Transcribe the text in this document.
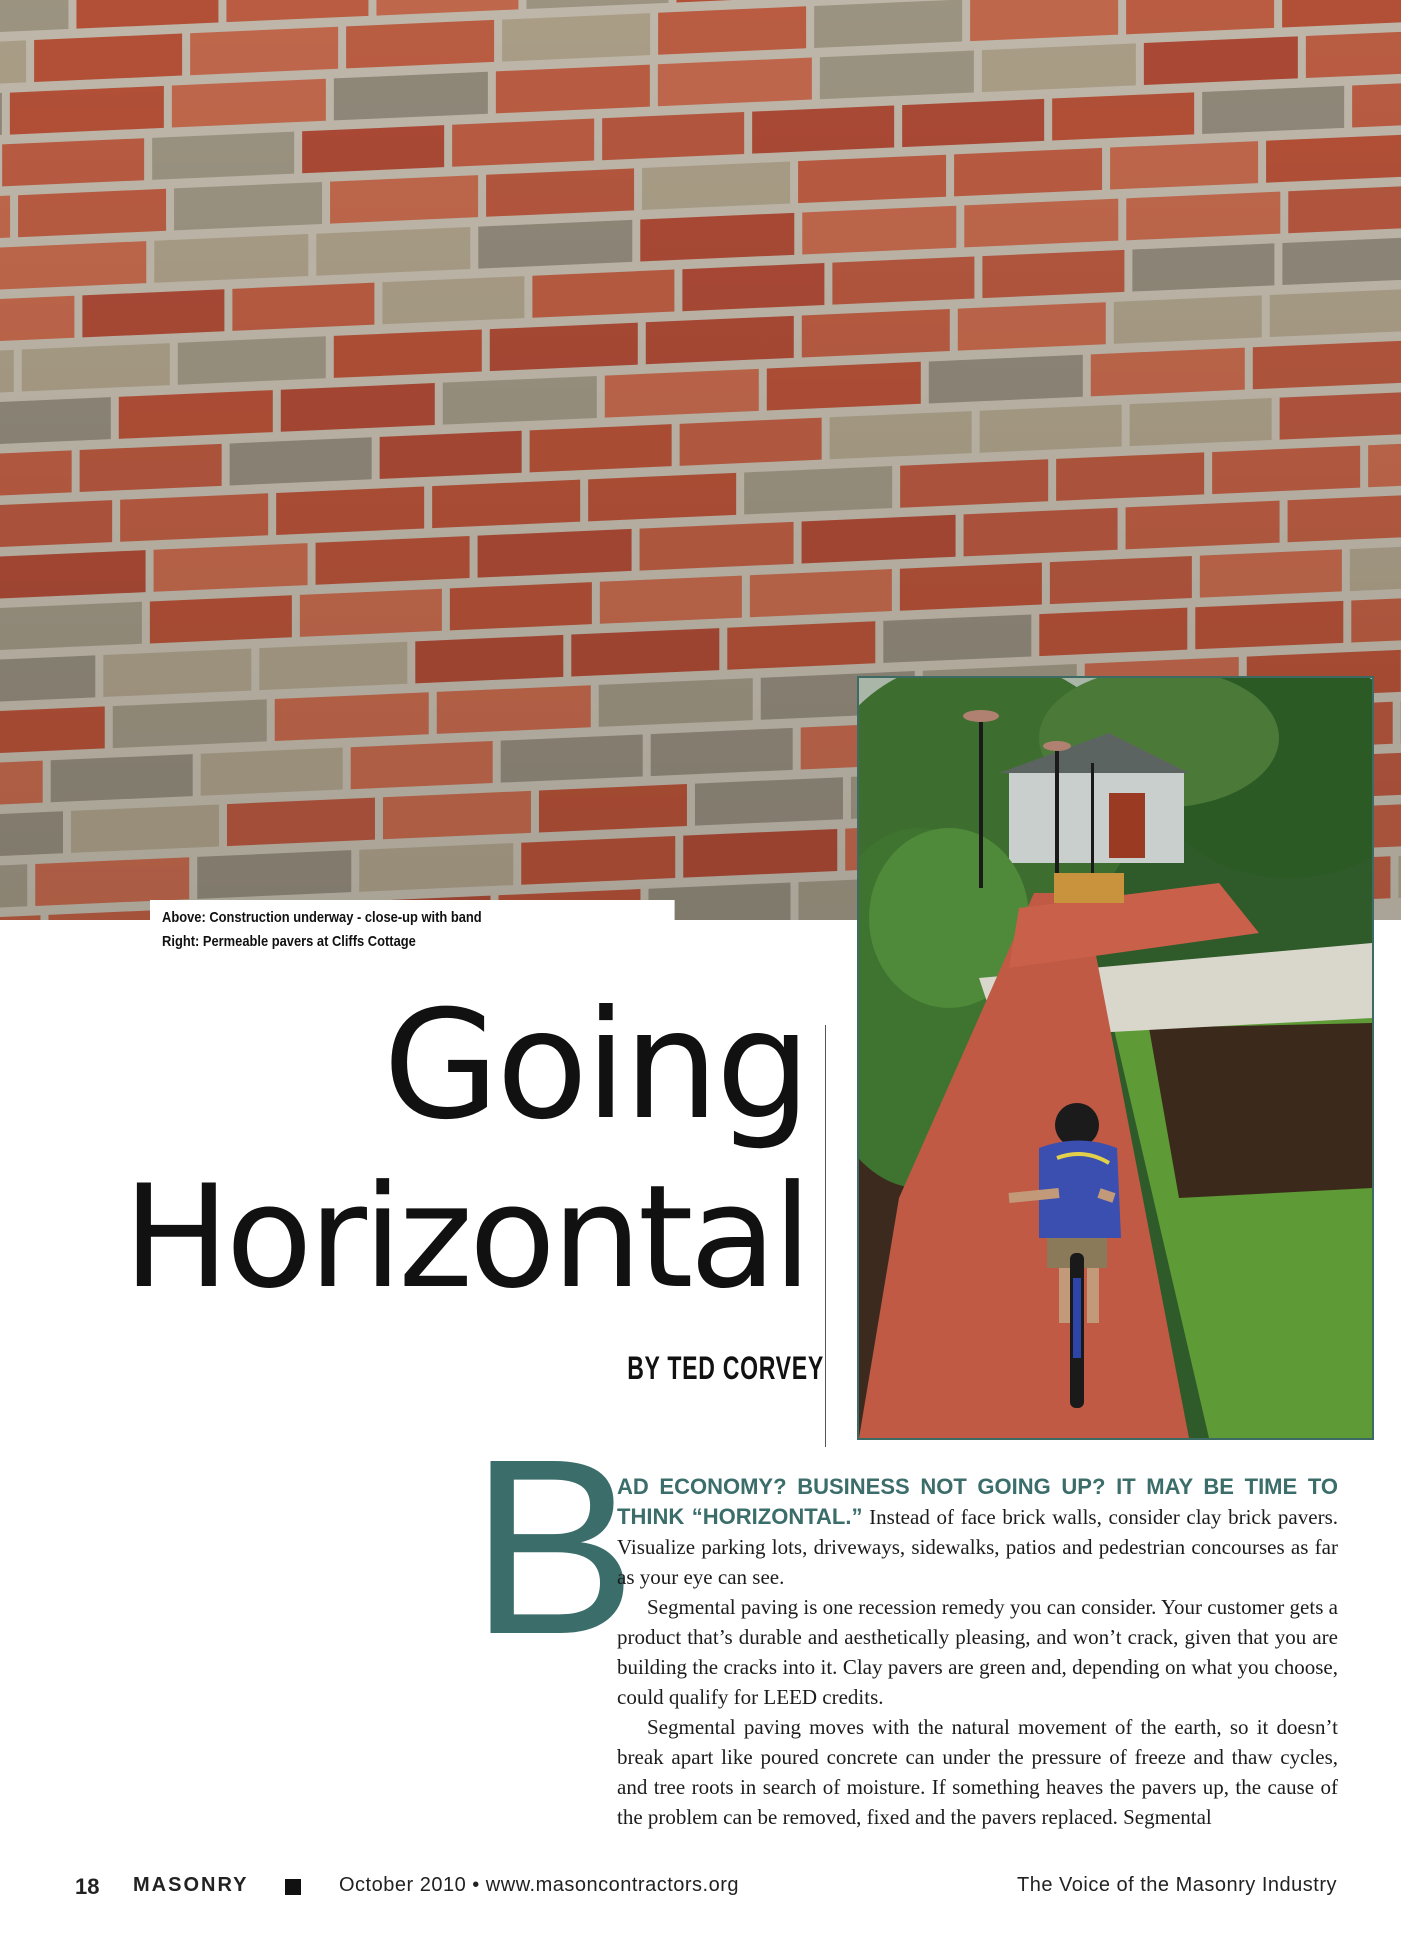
Above: Construction underway - close-up with band
Right: Permeable pavers at Cliffs Cottage
Going
Horizontal
BY TED CORVEY
B

AD ECONOMY? BUSINESS NOT GOING UP? IT MAY BE TIME TO THINK “HORIZONTAL.” Instead of face brick walls, consider clay brick pavers. Visualize parking lots, driveways, sidewalks, patios and pedestrian concourses as far as your eye can see.

Segmental paving is one recession remedy you can consider. Your customer gets a product that’s durable and aesthetically pleasing, and won’t crack, given that you are building the cracks into it. Clay pavers are green and, depending on what you choose, could qualify for LEED credits.

Segmental paving moves with the natural movement of the earth, so it doesn’t break apart like poured concrete can under the pressure of freeze and thaw cycles, and tree roots in search of moisture. If something heaves the pavers up, the cause of the problem can be removed, fixed and the pavers replaced. Segmental

18 MASONRY	October 2010 • www.masoncontractors.org	The Voice of the Masonry Industry
